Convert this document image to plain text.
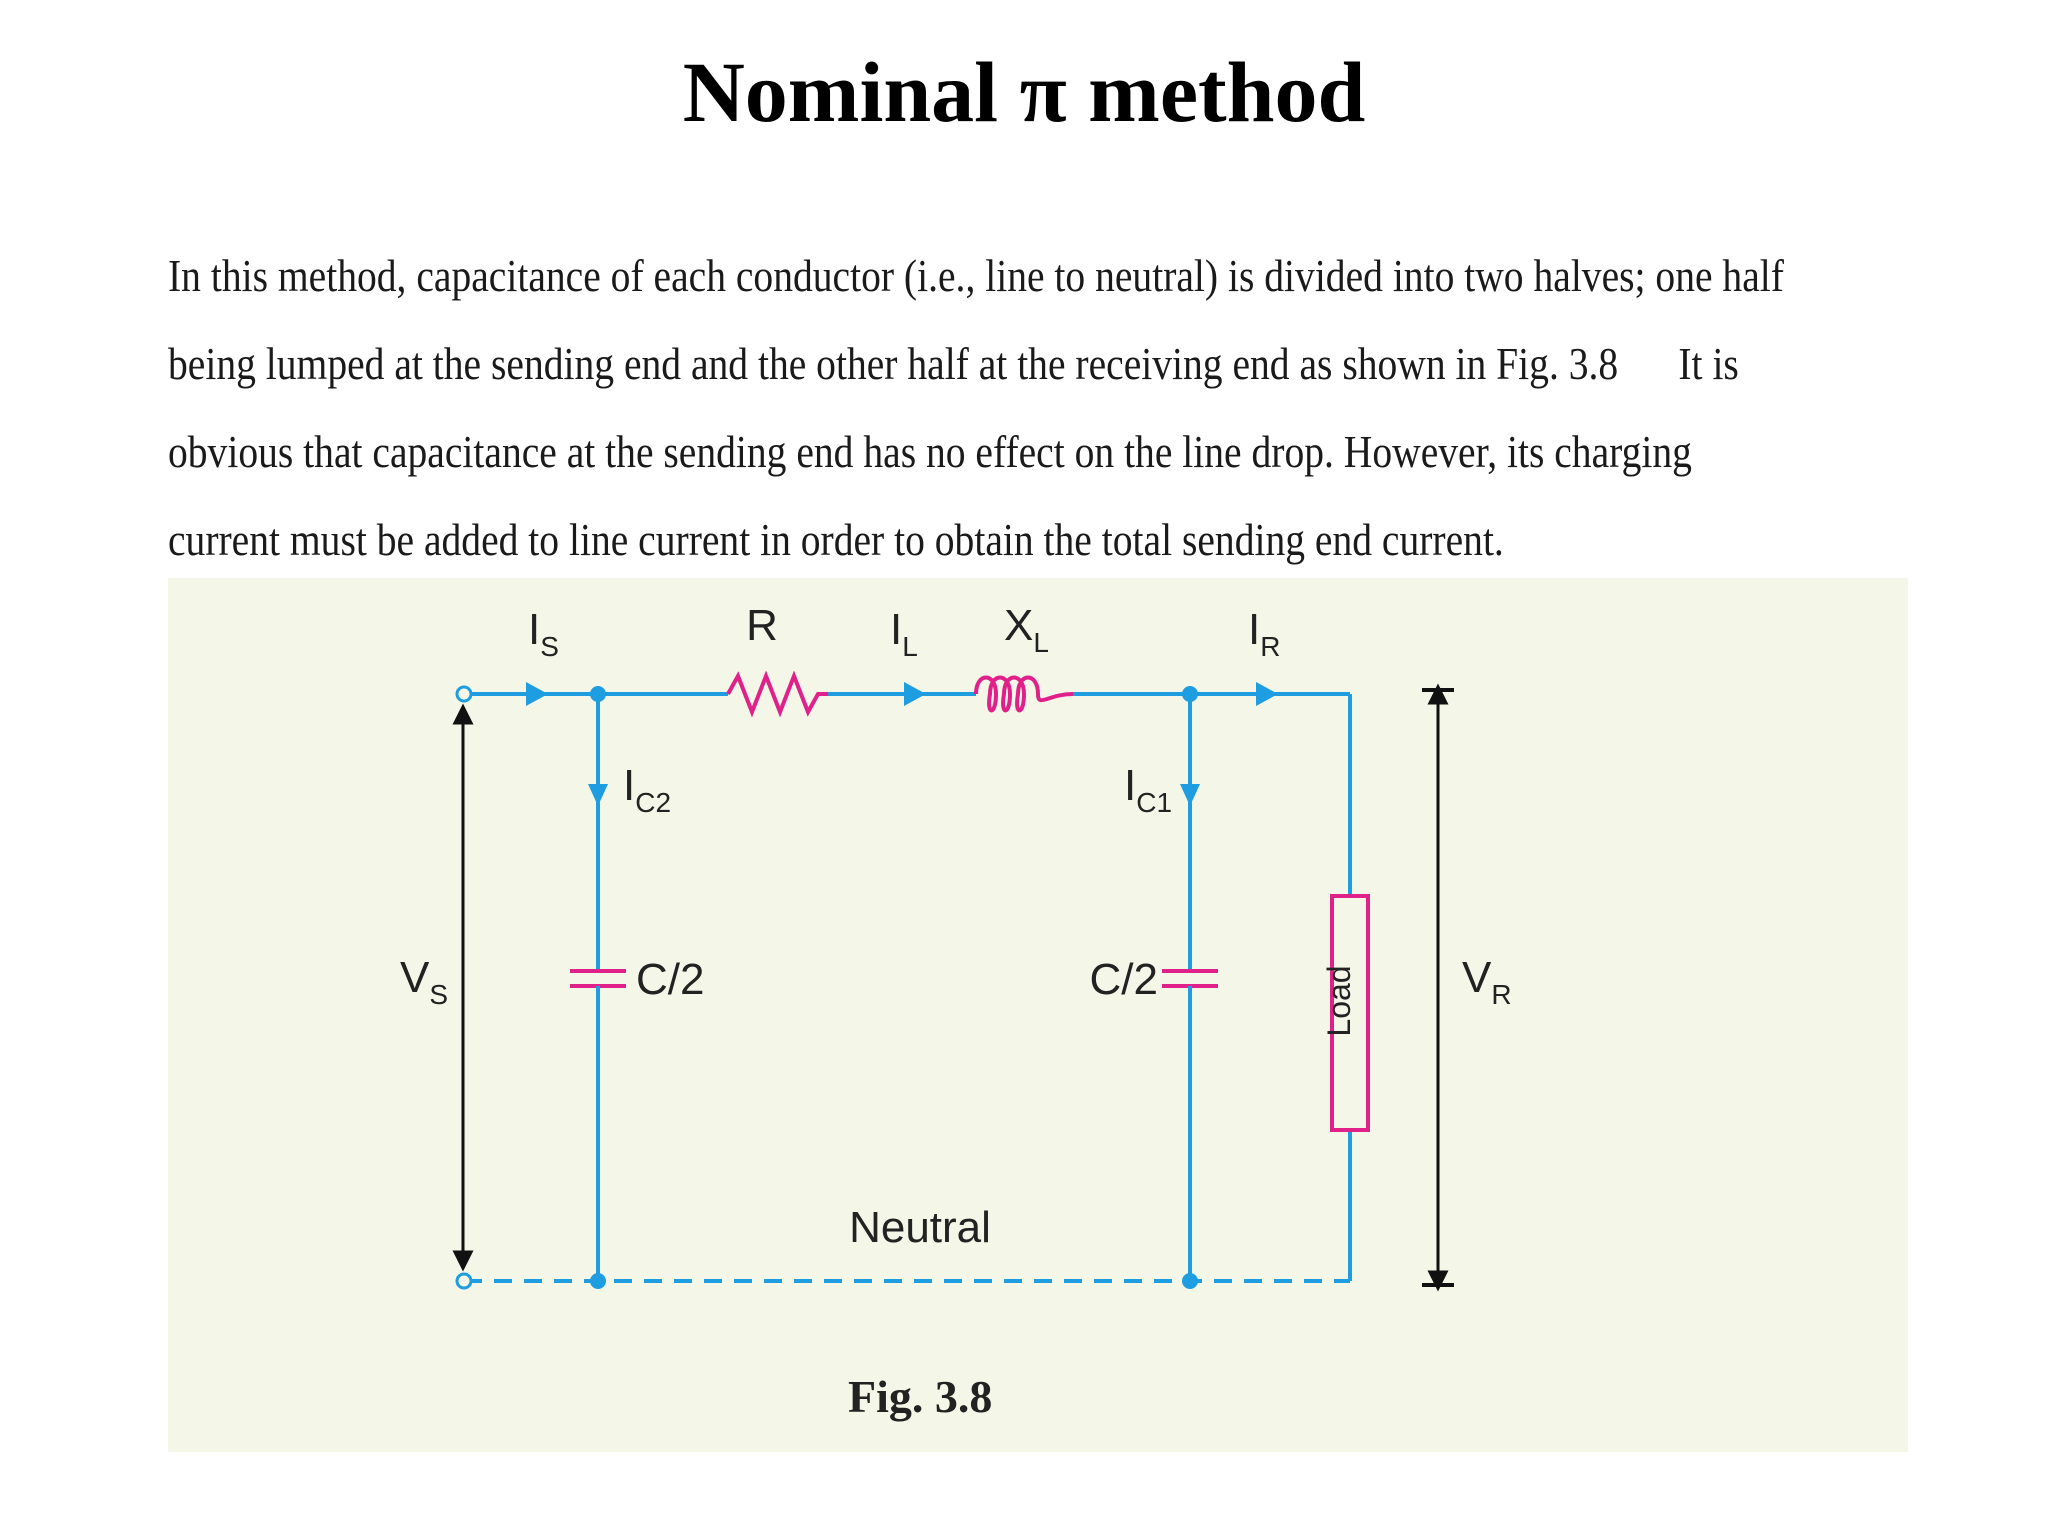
Nominal π method
In this method, capacitance of each conductor (i.e., line to neutral) is divided into two halves; one half
being lumped at the sending end and the other half at the receiving end as shown in Fig. 3.8 It is
obvious that capacitance at the sending end has no effect on the line drop. However, its charging
current must be added to line current in order to obtain the total sending end current.
Load
$I_S$	R	$I_L$ $X_L$	$I_R$
$I_{C2}$	$I_{C1}$
C/2	C/2
$V_S$	$V_R$
Neutral
Fig. 3.8
